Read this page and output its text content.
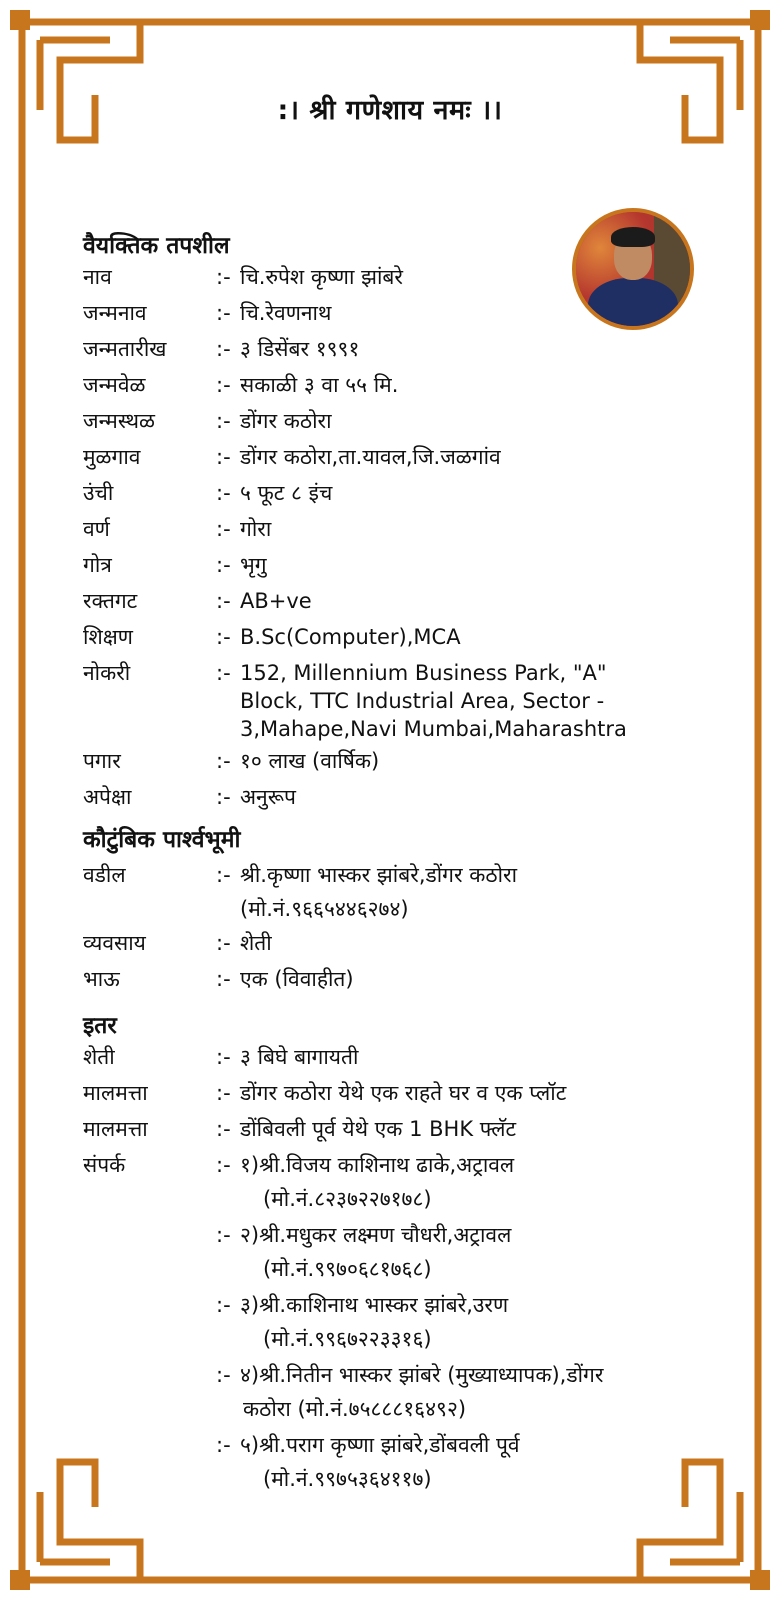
:। श्री गणेशाय नमः ।।
वैयक्तिक तपशील
नाव	:- चि.रुपेश कृष्णा झांबरे
जन्मनाव	:- चि.रेवणनाथ
जन्मतारीख	:- ३ डिसेंबर १९९१
जन्मवेळ	:- सकाळी ३ वा ५५ मि.
जन्मस्थळ	:- डोंगर कठोरा
मुळगाव	:- डोंगर कठोरा,ता.यावल,जि.जळगांव
उंची	:- ५ फूट ८ इंच
वर्ण	:- गोरा
गोत्र	:- भृगु
रक्तगट	:- AB+ve
शिक्षण	:- B.Sc(Computer),MCA
नोकरी	:- 152, Millennium Business Park, "A"
Block, TTC Industrial Area, Sector -
3,Mahape,Navi Mumbai,Maharashtra
पगार	:- १० लाख (वार्षिक)
अपेक्षा	:- अनुरूप
कौटुंबिक पार्श्वभूमी
वडील	:- श्री.कृष्णा भास्कर झांबरे,डोंगर कठोरा
(मो.नं.९६६५४४६२७४)
व्यवसाय	:- शेती
भाऊ	:- एक (विवाहीत)
इतर
शेती	:- ३ बिघे बागायती
मालमत्ता	:- डोंगर कठोरा येथे एक राहते घर व एक प्लॉट
मालमत्ता	:- डोंबिवली पूर्व येथे एक 1 BHK फ्लॅट
संपर्क	:- १)श्री.विजय काशिनाथ ढाके,अट्रावल
(मो.नं.८२३७२२७१७८)
:- २)श्री.मधुकर लक्ष्मण चौधरी,अट्रावल
(मो.नं.९९७०६८१७६८)
:- ३)श्री.काशिनाथ भास्कर झांबरे,उरण
(मो.नं.९९६७२२३३१६)
:- ४)श्री.नितीन भास्कर झांबरे (मुख्याध्यापक),डोंगर
कठोरा (मो.नं.७५८८८१६४९२)
:- ५)श्री.पराग कृष्णा झांबरे,डोंबवली पूर्व
(मो.नं.९९७५३६४११७)
